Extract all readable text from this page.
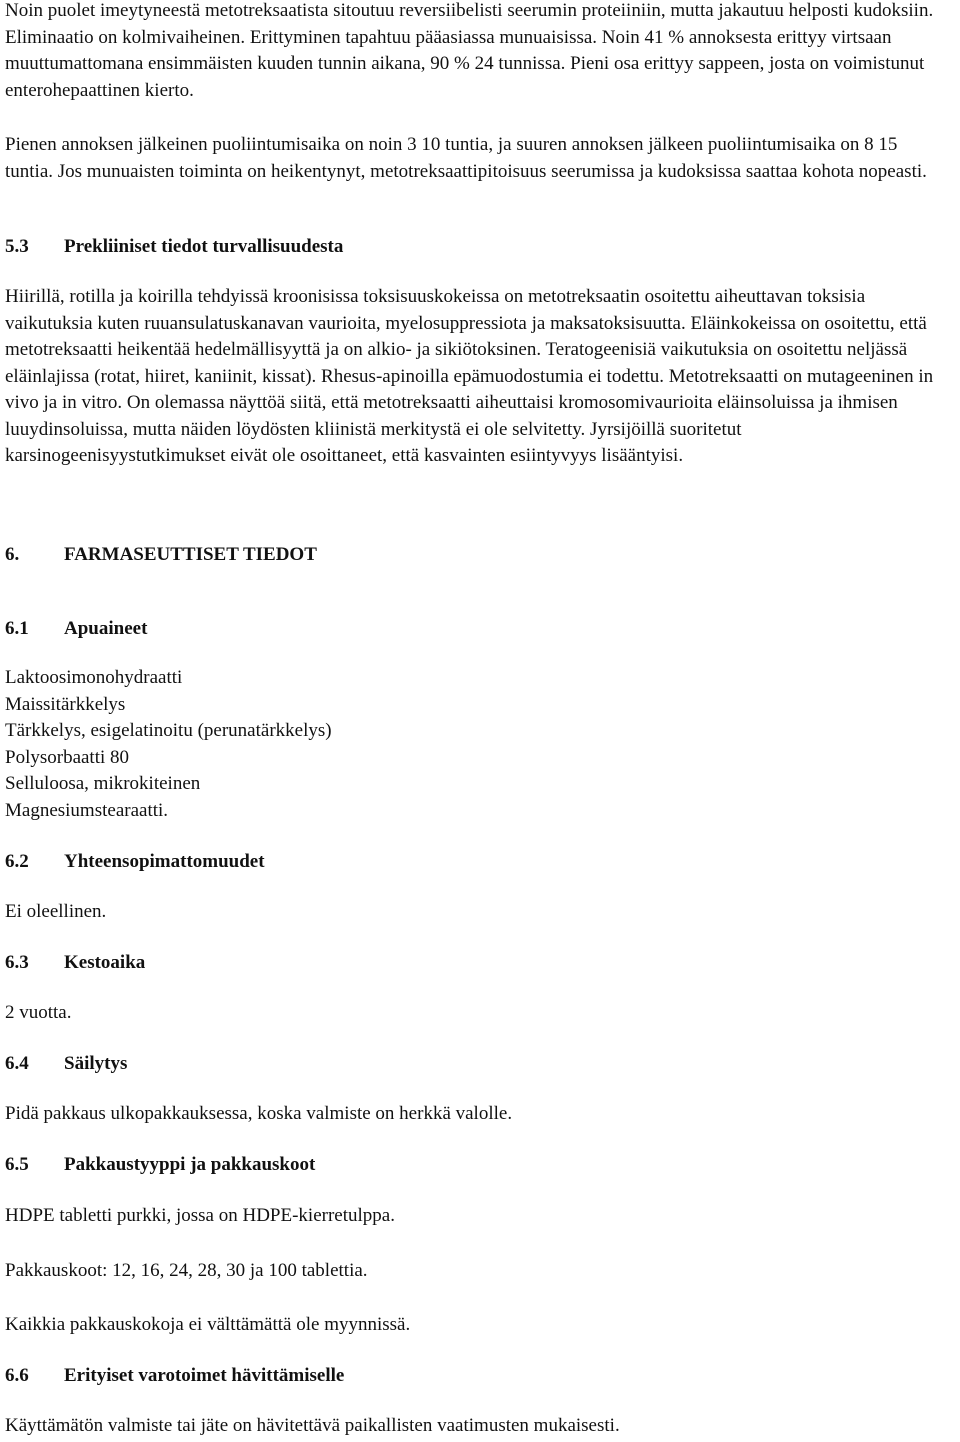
Noin puolet imeytyneestä metotreksaatista sitoutuu reversiibelisti seerumin proteiiniin, mutta jakautuu helposti kudoksiin. Eliminaatio on kolmivaiheinen. Erittyminen tapahtuu pääasiassa munuaisissa. Noin 41 % annoksesta erittyy virtsaan muuttumattomana ensimmäisten kuuden tunnin aikana, 90 % 24 tunnissa. Pieni osa erittyy sappeen, josta on voimistunut enterohepaattinen kierto.

Pienen annoksen jälkeinen puoliintumisaika on noin 3 10 tuntia, ja suuren annoksen jälkeen puoliintumisaika on 8 15 tuntia. Jos munuaisten toiminta on heikentynyt, metotreksaattipitoisuus seerumissa ja kudoksissa saattaa kohota nopeasti.

5.3 Prekliiniset tiedot turvallisuudesta

Hiirillä, rotilla ja koirilla tehdyissä kroonisissa toksisuuskokeissa on metotreksaatin osoitettu aiheuttavan toksisia vaikutuksia kuten ruuansulatuskanavan vaurioita, myelosuppressiota ja maksatoksisuutta. Eläinkokeissa on osoitettu, että metotreksaatti heikentää hedelmällisyyttä ja on alkio- ja sikiötoksinen. Teratogeenisiä vaikutuksia on osoitettu neljässä eläinlajissa (rotat, hiiret, kaniinit, kissat). Rhesus-apinoilla epämuodostumia ei todettu. Metotreksaatti on mutageeninen in vivo ja in vitro. On olemassa näyttöä siitä, että metotreksaatti aiheuttaisi kromosomivaurioita eläinsoluissa ja ihmisen luuydinsoluissa, mutta näiden löydösten kliinistä merkitystä ei ole selvitetty. Jyrsijöillä suoritetut karsinogeenisyystutkimukset eivät ole osoittaneet, että kasvainten esiintyvyys lisääntyisi.

6. FARMASEUTTISET TIEDOT

6.1 Apuaineet

Laktoosimonohydraatti

Maissitärkkelys

Tärkkelys, esigelatinoitu (perunatärkkelys)

Polysorbaatti 80

Selluloosa, mikrokiteinen

Magnesiumstearaatti.

6.2 Yhteensopimattomuudet

Ei oleellinen.

6.3 Kestoaika

2 vuotta.

6.4 Säilytys

Pidä pakkaus ulkopakkauksessa, koska valmiste on herkkä valolle.

6.5 Pakkaustyyppi ja pakkauskoot

HDPE tabletti purkki, jossa on HDPE-kierretulppa.

Pakkauskoot: 12, 16, 24, 28, 30 ja 100 tablettia.

Kaikkia pakkauskokoja ei välttämättä ole myynnissä.

6.6 Erityiset varotoimet hävittämiselle

Käyttämätön valmiste tai jäte on hävitettävä paikallisten vaatimusten mukaisesti.
